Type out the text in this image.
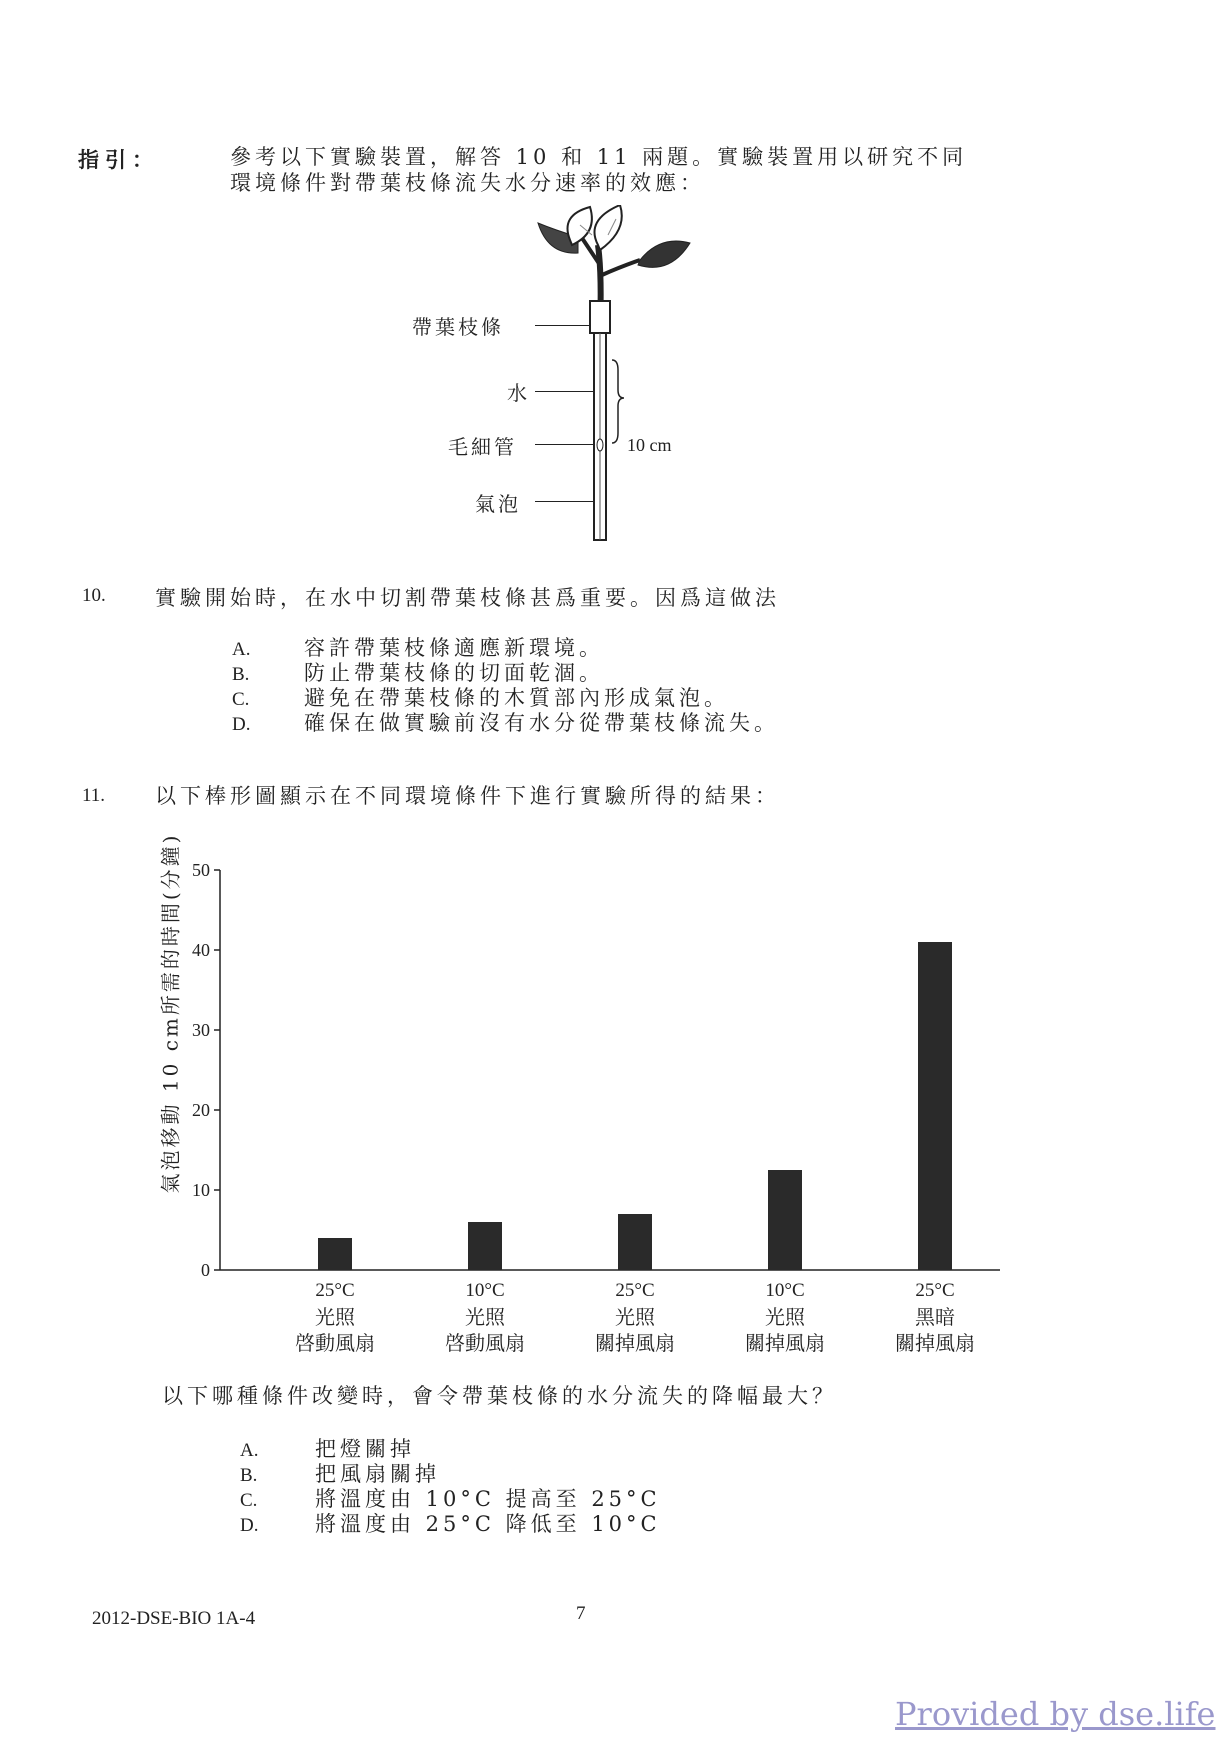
指引：	參考以下實驗裝置，解答 10 和 11 兩題。實驗裝置用以研究不同
環境條件對帶葉枝條流失水分速率的效應：
帶葉枝條
水
毛細管
氣泡
10 cm
10. 實驗開始時，在水中切割帶葉枝條甚爲重要。因爲這做法
A.	容許帶葉枝條適應新環境。
B.	防止帶葉枝條的切面乾涸。
C.	避免在帶葉枝條的木質部內形成氣泡。
D.	確保在做實驗前沒有水分從帶葉枝條流失。
11. 以下棒形圖顯示在不同環境條件下進行實驗所得的結果：
氣泡移動 10 cm所需的時間(分鐘)
0
10
20
30
40
50
25°C
光照
啓動風扇
10°C
光照
啓動風扇
25°C
光照
關掉風扇
10°C
光照
關掉風扇
25°C
黑暗
關掉風扇
以下哪種條件改變時，會令帶葉枝條的水分流失的降幅最大？
A.	把燈關掉
B.	把風扇關掉
C.	將溫度由 10°C 提高至 25°C
D.	將溫度由 25°C 降低至 10°C
2012-DSE-BIO 1A-4	7
Provided by dse.life
